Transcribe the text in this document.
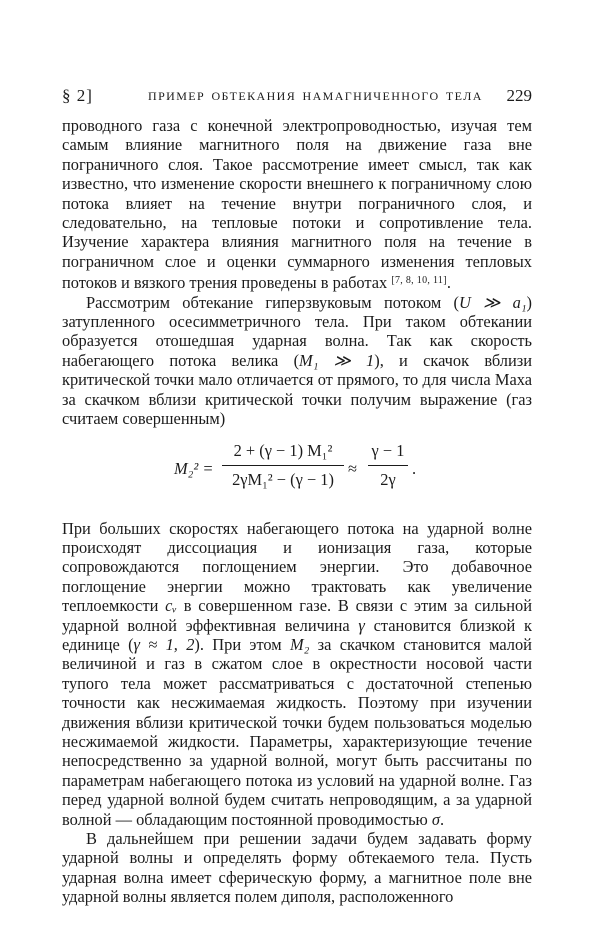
§ 2]	ПРИМЕР ОБТЕКАНИЯ НАМАГНИЧЕННОГО ТЕЛА 229

проводного газа с конечной электропроводностью, изучая тем самым влияние магнитного поля на движение газа вне пограничного слоя. Такое рассмотрение имеет смысл, так как известно, что изменение скорости внешнего к пограничному слою потока влияет на течение внутри пограничного слоя, и следовательно, на тепловые потоки и сопротивление тела. Изучение характера влияния магнитного поля на течение в пограничном слое и оценки суммарного изменения тепловых потоков и вязкого трения проведены в работах [7, 8, 10, 11].

Рассмотрим обтекание гиперзвуковым потоком (U ≫ a₁) затупленного осесимметричного тела. При таком обтекании образуется отошедшая ударная волна. Так как скорость набегающего потока велика (M₁ ≫ 1), и скачок вблизи критической точки мало отличается от прямого, то для числа Маха за скачком вблизи критической точки получим выражение (газ считаем совершенным)

M₂² =
2 + (γ − 1) M₁²
2γM₁² − (γ − 1)
≈
γ − 1
2γ
.

При больших скоростях набегающего потока на ударной волне происходят диссоциация и ионизация газа, которые сопровождаются поглощением энергии. Это добавочное поглощение энергии можно трактовать как увеличение теплоемкости cᵥ в совершенном газе. В связи с этим за сильной ударной волной эффективная величина γ становится близкой к единице (γ ≈ 1, 2). При этом M₂ за скачком становится малой величиной и газ в сжатом слое в окрестности носовой части тупого тела может рассматриваться с достаточной степенью точности как несжимаемая жидкость. Поэтому при изучении движения вблизи критической точки будем пользоваться моделью несжимаемой жидкости. Параметры, характеризующие течение непосредственно за ударной волной, могут быть рассчитаны по параметрам набегающего потока из условий на ударной волне. Газ перед ударной волной будем считать непроводящим, а за ударной волной — обладающим постоянной проводимостью σ.

В дальнейшем при решении задачи будем задавать форму ударной волны и определять форму обтекаемого тела. Пусть ударная волна имеет сферическую форму, а магнитное поле вне ударной волны является полем диполя, расположенного
